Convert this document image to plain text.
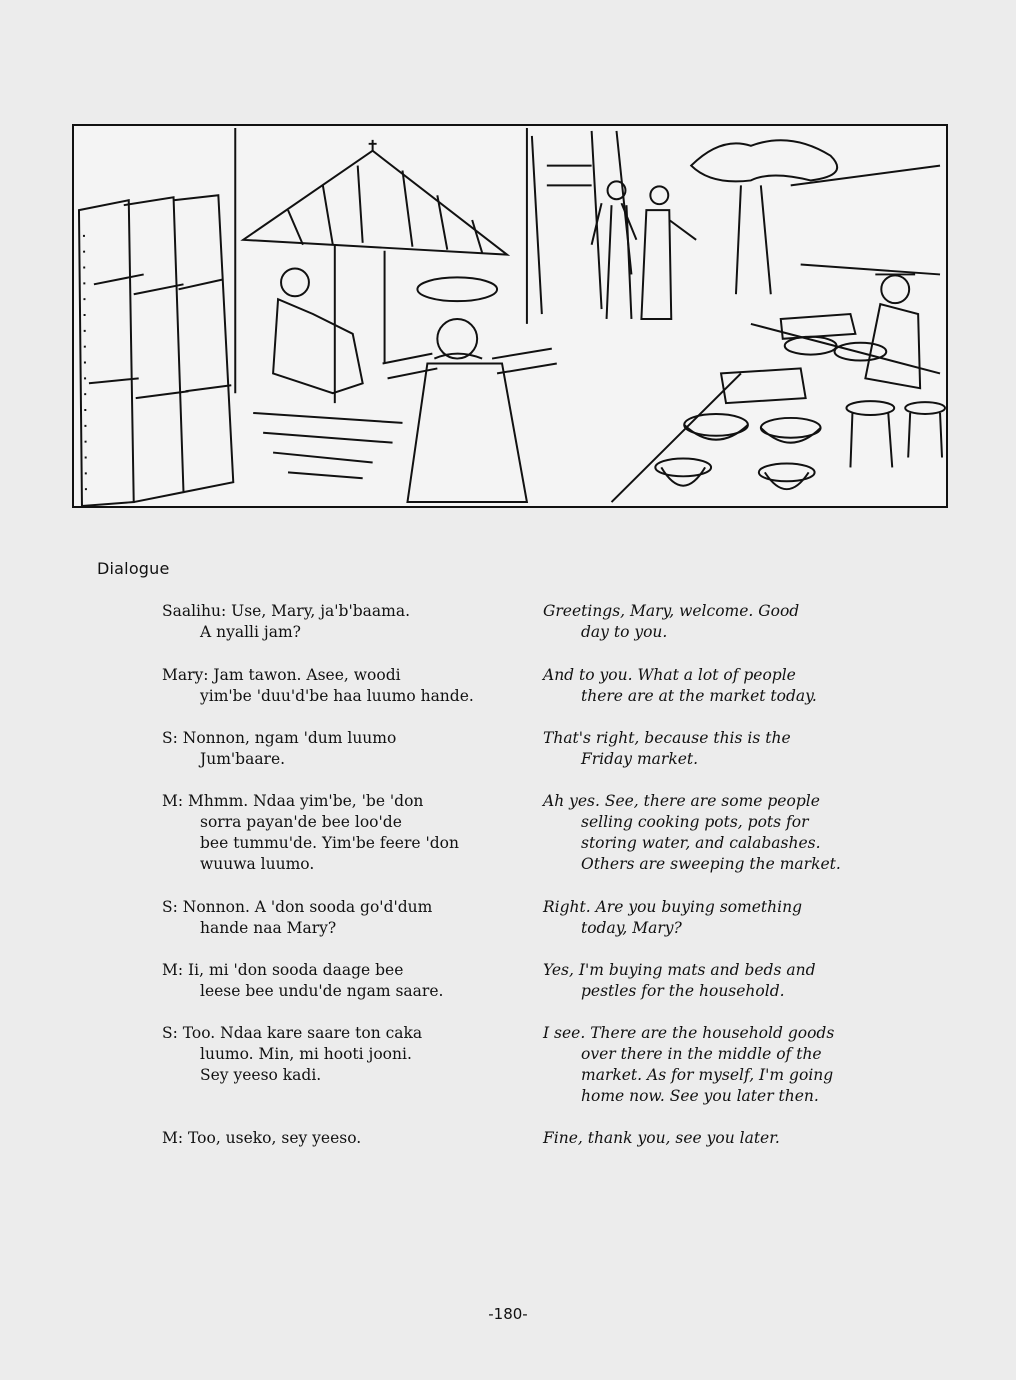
Dialogue
Saalihu: Use, Mary, ja'b'baama.
A nyalli jam?
Greetings, Mary, welcome. Good
day to you.
Mary: Jam tawon. Asee, woodi
yim'be 'duu'd'be haa luumo hande.
And to you. What a lot of people
there are at the market today.
S: Nonnon, ngam 'dum luumo
Jum'baare.
That's right, because this is the
Friday market.
M: Mhmm. Ndaa yim'be, 'be 'don
sorra payan'de bee loo'de
bee tummu'de. Yim'be feere 'don
wuuwa luumo.
Ah yes. See, there are some people
selling cooking pots, pots for
storing water, and calabashes.
Others are sweeping the market.
S: Nonnon. A 'don sooda go'd'dum
hande naa Mary?
Right. Are you buying something
today, Mary?
M: Ii, mi 'don sooda daage bee
leese bee undu'de ngam saare.
Yes, I'm buying mats and beds and
pestles for the household.
S: Too. Ndaa kare saare ton caka
luumo. Min, mi hooti jooni.
Sey yeeso kadi.
I see. There are the household goods
over there in the middle of the
market. As for myself, I'm going
home now. See you later then.
M: Too, useko, sey yeeso.	Fine, thank you, see you later.
-180-
